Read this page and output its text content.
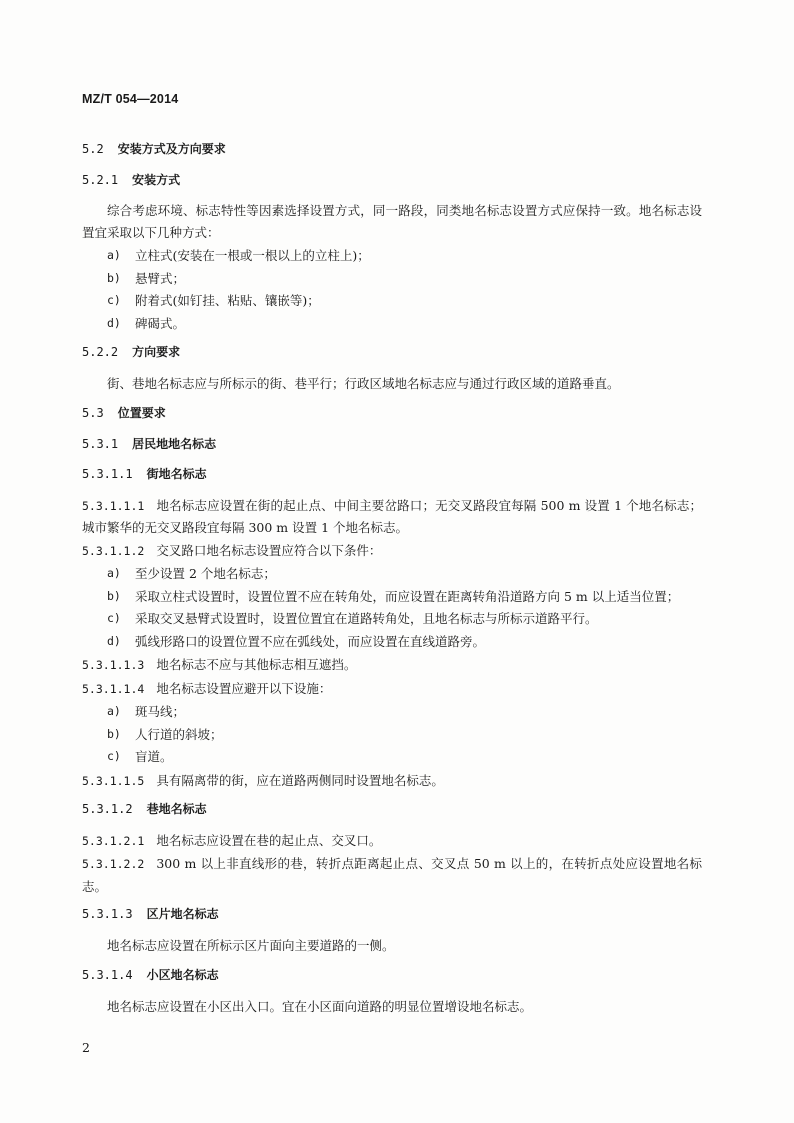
MZ/T 054—2014
5.2 安装方式及方向要求
5.2.1 安装方式

综合考虑环境、标志特性等因素选择设置方式，同一路段，同类地名标志设置方式应保持一致。地名标志设置宜采取以下几种方式：

a)	立柱式(安装在一根或一根以上的立柱上)；
b)	悬臂式；
c)	附着式(如钉挂、粘贴、镶嵌等)；
d)	碑碣式。
5.2.2 方向要求

街、巷地名标志应与所标示的街、巷平行；行政区域地名标志应与通过行政区域的道路垂直。

5.3 位置要求
5.3.1 居民地地名标志
5.3.1.1 街地名标志
5.3.1.1.1 地名标志应设置在街的起止点、中间主要岔路口；无交叉路段宜每隔 500 m 设置 1 个地名标志；城市繁华的无交叉路段宜每隔 300 m 设置 1 个地名标志。
5.3.1.1.2 交叉路口地名标志设置应符合以下条件：
a)	至少设置 2 个地名标志；
b)	采取立柱式设置时，设置位置不应在转角处，而应设置在距离转角沿道路方向 5 m 以上适当位置；
c)	采取交叉悬臂式设置时，设置位置宜在道路转角处，且地名标志与所标示道路平行。
d)	弧线形路口的设置位置不应在弧线处，而应设置在直线道路旁。
5.3.1.1.3 地名标志不应与其他标志相互遮挡。
5.3.1.1.4 地名标志设置应避开以下设施：
a)	斑马线；
b)	人行道的斜坡；
c)	盲道。
5.3.1.1.5 具有隔离带的街，应在道路两侧同时设置地名标志。
5.3.1.2 巷地名标志
5.3.1.2.1 地名标志应设置在巷的起止点、交叉口。
5.3.1.2.2 300 m 以上非直线形的巷，转折点距离起止点、交叉点 50 m 以上的，在转折点处应设置地名标志。
5.3.1.3 区片地名标志

地名标志应设置在所标示区片面向主要道路的一侧。

5.3.1.4 小区地名标志

地名标志应设置在小区出入口。宜在小区面向道路的明显位置增设地名标志。

2
